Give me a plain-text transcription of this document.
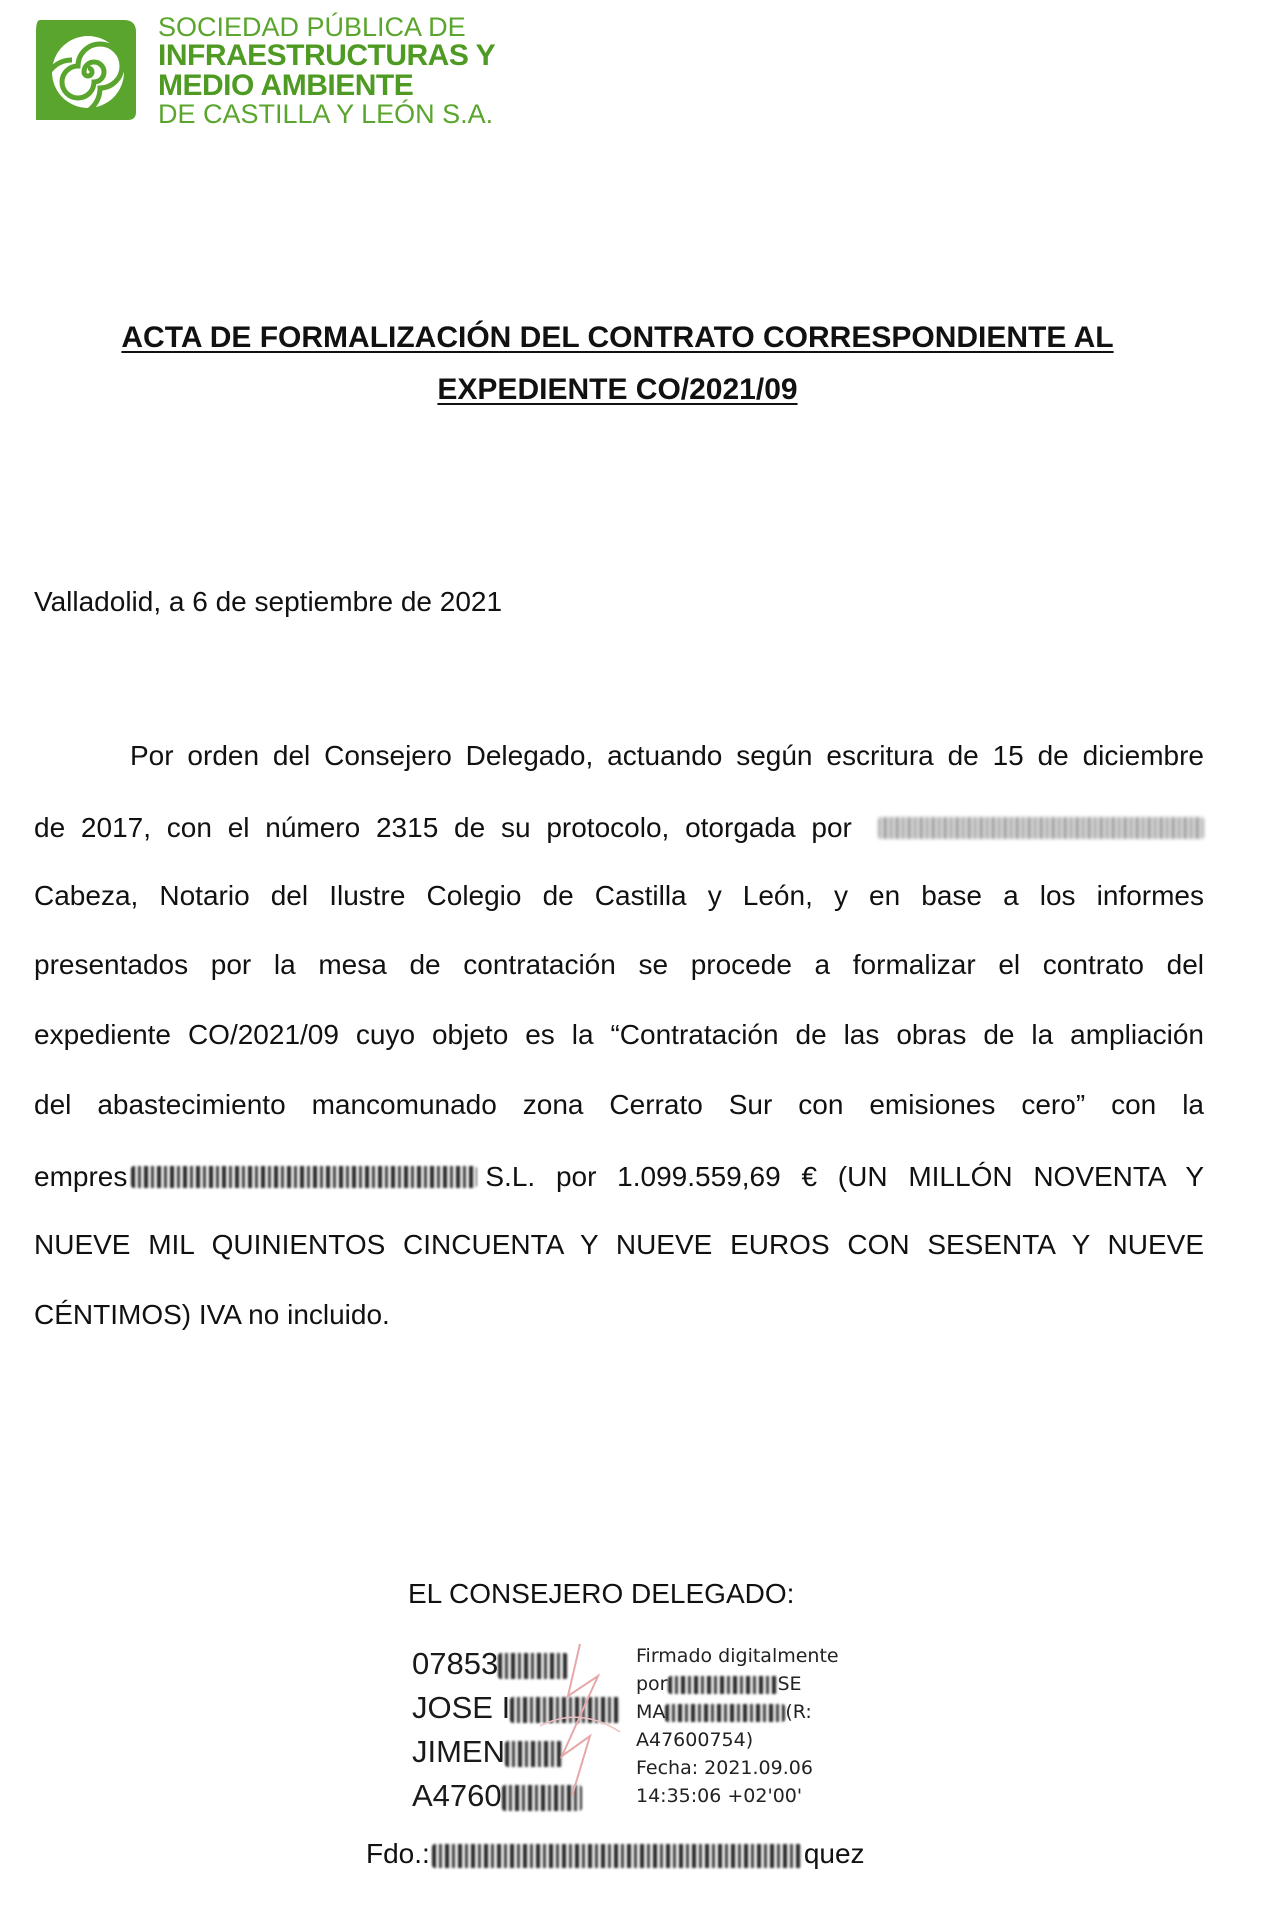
SOCIEDAD PÚBLICA DE
INFRAESTRUCTURAS Y
MEDIO AMBIENTE
DE CASTILLA Y LEÓN S.A.
ACTA DE FORMALIZACIÓN DEL CONTRATO CORRESPONDIENTE AL
EXPEDIENTE CO/2021/09
Valladolid, a 6 de septiembre de 2021
Por orden del Consejero Delegado, actuando según escritura de 15 de diciembre
de 2017, con el número 2315 de su protocolo, otorgada por
Cabeza, Notario del Ilustre Colegio de Castilla y León, y en base a los informes
presentados por la mesa de contratación se procede a formalizar el contrato del
expediente CO/2021/09 cuyo objeto es la “Contratación de las obras de la ampliación
del abastecimiento mancomunado zona Cerrato Sur con emisiones cero” con la
empres	S.L. por 1.099.559,69 € (UN MILLÓN NOVENTA Y
NUEVE MIL QUINIENTOS CINCUENTA Y NUEVE EUROS CON SESENTA Y NUEVE
CÉNTIMOS) IVA no incluido.
EL CONSEJERO DELEGADO:
07853
JOSE I
JIMEN
A4760
Firmado digitalmente
por	SE
MA	(R:
A47600754)
Fecha: 2021.09.06
14:35:06 +02'00'
Fdo.:	quez
